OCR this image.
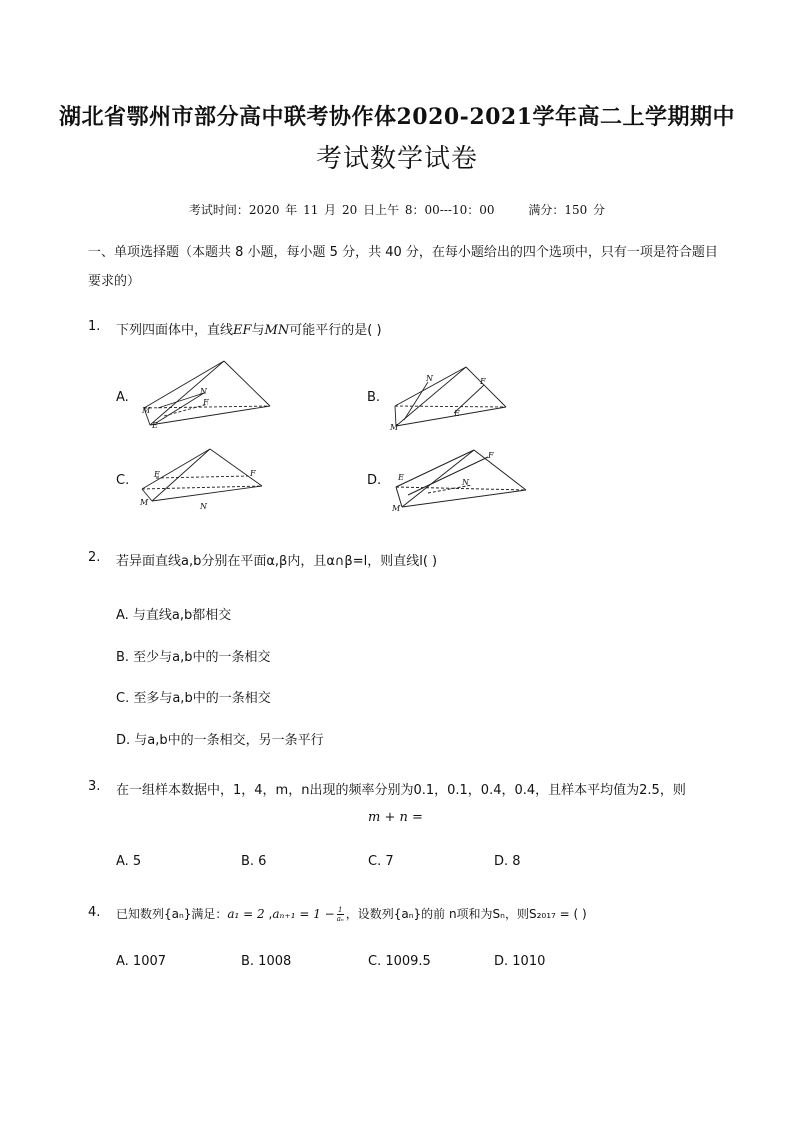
湖北省鄂州市部分高中联考协作体2020-2021学年高二上学期期中
考试数学试卷
考试时间：2020 年 11 月 20 日上午 8：00---10：00	满分：150 分
一、单项选择题（本题共 8 小题，每小题 5 分，共 40 分，在每小题给出的四个选项中，只有一项是符合题目要求的）
1. 下列四面体中，直线EF与MN可能平行的是( )
A.	B.
C.	D.
N
F
M
E
N	F
M
E
E	F
M	N
E
F
N
M
2. 若异面直线a,b分别在平面α,β内，且α∩β=l，则直线l( )
A. 与直线a,b都相交
B. 至少与a,b中的一条相交
C. 至多与a,b中的一条相交
D. 与a,b中的一条相交，另一条平行
3. 在一组样本数据中，1，4，m，n出现的频率分别为0.1，0.1，0.4，0.4，且样本平均值为2.5，则
m + n =
A. 5	B. 6	C. 7	D. 8
4. 已知数列{aₙ}满足：a₁ = 2 $,a_{n+1} = 1 - \frac{1}{\text{aₙ}}$ ，设数列{aₙ}的前 n项和为Sₙ，则S₂₀₁₇ = ( )
A. 1007	B. 1008	C. 1009.5	D. 1010
